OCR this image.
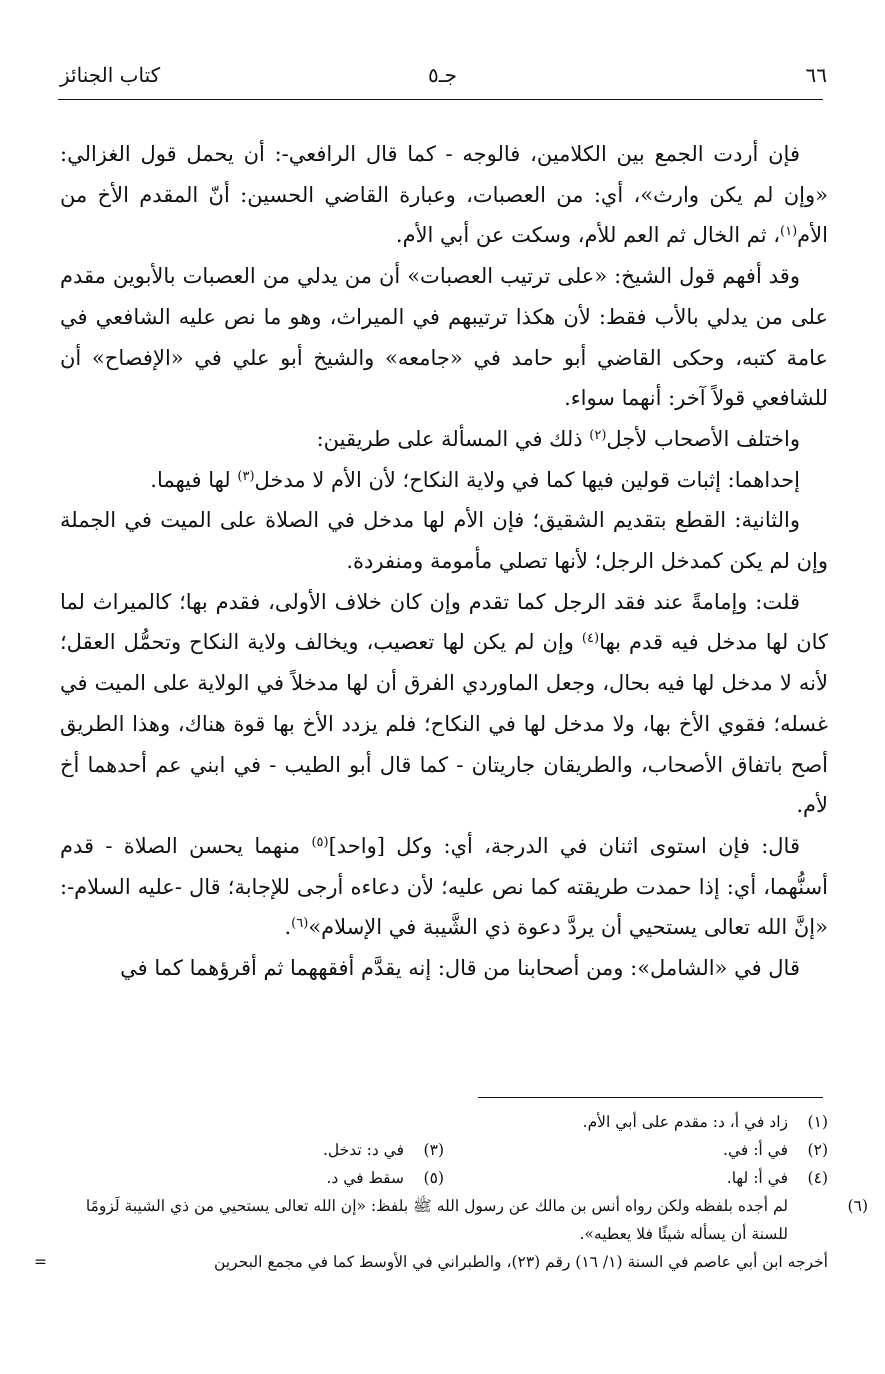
٦٦
جـ٥
كتاب الجنائز

فإن أردت الجمع بين الكلامين، فالوجه - كما قال الرافعي-: أن يحمل قول الغزالي: «وإن لم يكن وارث»، أي: من العصبات، وعبارة القاضي الحسين: أنّ المقدم الأخ من الأم$^{(١)}$، ثم الخال ثم العم للأم، وسكت عن أبي الأم.

وقد أفهم قول الشيخ: «على ترتيب العصبات» أن من يدلي من العصبات بالأبوين مقدم على من يدلي بالأب فقط: لأن هكذا ترتيبهم في الميراث، وهو ما نص عليه الشافعي في عامة كتبه، وحكى القاضي أبو حامد في «جامعه» والشيخ أبو علي في «الإفصاح» أن للشافعي قولاً آخر: أنهما سواء.

واختلف الأصحاب لأجل$^{(٢)}$ ذلك في المسألة على طريقين:

إحداهما: إثبات قولين فيها كما في ولاية النكاح؛ لأن الأم لا مدخل$^{(٣)}$ لها فيهما.

والثانية: القطع بتقديم الشقيق؛ فإن الأم لها مدخل في الصلاة على الميت في الجملة وإن لم يكن كمدخل الرجل؛ لأنها تصلي مأمومة ومنفردة.

قلت: وإمامةً عند فقد الرجل كما تقدم وإن كان خلاف الأولى، فقدم بها؛ كالميراث لما كان لها مدخل فيه قدم بها$^{(٤)}$ وإن لم يكن لها تعصيب، ويخالف ولاية النكاح وتحمُّل العقل؛ لأنه لا مدخل لها فيه بحال، وجعل الماوردي الفرق أن لها مدخلاً في الولاية على الميت في غسله؛ فقوي الأخ بها، ولا مدخل لها في النكاح؛ فلم يزدد الأخ بها قوة هناك، وهذا الطريق أصح باتفاق الأصحاب، والطريقان جاريتان - كما قال أبو الطيب - في ابني عم أحدهما أخ لأم.

قال: فإن استوى اثنان في الدرجة، أي: وكل [واحد]$^{(٥)}$ منهما يحسن الصلاة - قدم أسنُّهما، أي: إذا حمدت طريقته كما نص عليه؛ لأن دعاءه أرجى للإجابة؛ قال -عليه السلام-: «إنَّ الله تعالى يستحيي أن يردَّ دعوة ذي الشَّيبة في الإسلام»$^{(٦)}$.

قال في «الشامل»: ومن أصحابنا من قال: إنه يقدَّم أفقههما ثم أقرؤهما كما في

(١)زاد في أ، د: مقدم على أبي الأم.
(٢)في أ: في.
(٣)في د: تدخل.
(٤)في أ: لها.
(٥)سقط في د.
(٦)لم أجده بلفظه ولكن رواه أنس بن مالك عن رسول الله ﷺ بلفظ: «إن الله تعالى يستحيي من ذي الشيبة لَزومًا للسنة أن يسأله شيئًا فلا يعطيه».
أخرجه ابن أبي عاصم في السنة (١/ ١٦) رقم (٢٣)، والطبراني في الأوسط كما في مجمع البحرين
=
